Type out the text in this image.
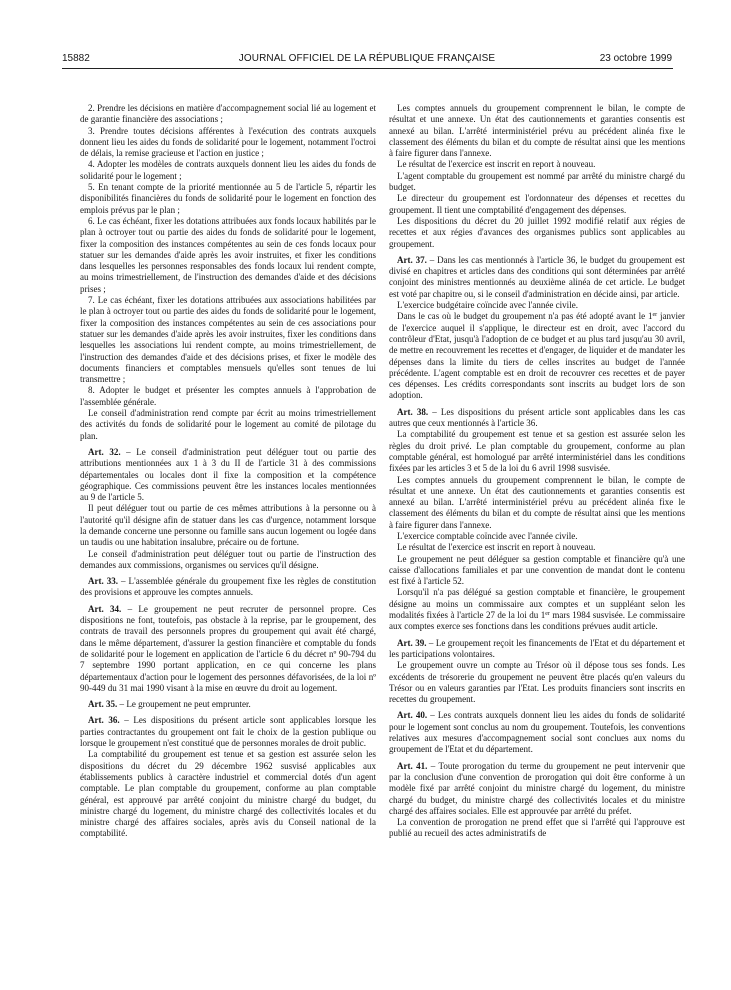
15882	JOURNAL OFFICIEL DE LA RÉPUBLIQUE FRANÇAISE	23 octobre 1999

2. Prendre les décisions en matière d'accompagnement social lié au logement et de garantie financière des associations ;

3. Prendre toutes décisions afférentes à l'exécution des contrats auxquels donnent lieu les aides du fonds de solidarité pour le logement, notamment l'octroi de délais, la remise gracieuse et l'action en justice ;

4. Adopter les modèles de contrats auxquels donnent lieu les aides du fonds de solidarité pour le logement ;

5. En tenant compte de la priorité mentionnée au 5 de l'article 5, répartir les disponibilités financières du fonds de solidarité pour le logement en fonction des emplois prévus par le plan ;

6. Le cas échéant, fixer les dotations attribuées aux fonds locaux habilités par le plan à octroyer tout ou partie des aides du fonds de solidarité pour le logement, fixer la composition des instances compétentes au sein de ces fonds locaux pour statuer sur les demandes d'aide après les avoir instruites, et fixer les conditions dans lesquelles les personnes responsables des fonds locaux lui rendent compte, au moins trimestriellement, de l'instruction des demandes d'aide et des décisions prises ;

7. Le cas échéant, fixer les dotations attribuées aux associations habilitées par le plan à octroyer tout ou partie des aides du fonds de solidarité pour le logement, fixer la composition des instances compétentes au sein de ces associations pour statuer sur les demandes d'aide après les avoir instruites, fixer les conditions dans lesquelles les associations lui rendent compte, au moins trimestriellement, de l'instruction des demandes d'aide et des décisions prises, et fixer le modèle des documents financiers et comptables mensuels qu'elles sont tenues de lui transmettre ;

8. Adopter le budget et présenter les comptes annuels à l'approbation de l'assemblée générale.

Le conseil d'administration rend compte par écrit au moins trimestriellement des activités du fonds de solidarité pour le logement au comité de pilotage du plan.

Art. 32. – Le conseil d'administration peut déléguer tout ou partie des attributions mentionnées aux 1 à 3 du II de l'article 31 à des commissions départementales ou locales dont il fixe la composition et la compétence géographique. Ces commissions peuvent être les instances locales mentionnées au 9 de l'article 5.

Il peut déléguer tout ou partie de ces mêmes attributions à la personne ou à l'autorité qu'il désigne afin de statuer dans les cas d'urgence, notamment lorsque la demande concerne une personne ou famille sans aucun logement ou logée dans un taudis ou une habitation insalubre, précaire ou de fortune.

Le conseil d'administration peut déléguer tout ou partie de l'instruction des demandes aux commissions, organismes ou services qu'il désigne.

Art. 33. – L'assemblée générale du groupement fixe les règles de constitution des provisions et approuve les comptes annuels.

Art. 34. – Le groupement ne peut recruter de personnel propre. Ces dispositions ne font, toutefois, pas obstacle à la reprise, par le groupement, des contrats de travail des personnels propres du groupement qui avait été chargé, dans le même département, d'assurer la gestion financière et comptable du fonds de solidarité pour le logement en application de l'article 6 du décret nº 90-794 du 7 septembre 1990 portant application, en ce qui concerne les plans départementaux d'action pour le logement des personnes défavorisées, de la loi nº 90-449 du 31 mai 1990 visant à la mise en œuvre du droit au logement.

Art. 35. – Le groupement ne peut emprunter.

Art. 36. – Les dispositions du présent article sont applicables lorsque les parties contractantes du groupement ont fait le choix de la gestion publique ou lorsque le groupement n'est constitué que de personnes morales de droit public.

La comptabilité du groupement est tenue et sa gestion est assurée selon les dispositions du décret du 29 décembre 1962 susvisé applicables aux établissements publics à caractère industriel et commercial dotés d'un agent comptable. Le plan comptable du groupement, conforme au plan comptable général, est approuvé par arrêté conjoint du ministre chargé du budget, du ministre chargé du logement, du ministre chargé des collectivités locales et du ministre chargé des affaires sociales, après avis du Conseil national de la comptabilité.

Les comptes annuels du groupement comprennent le bilan, le compte de résultat et une annexe. Un état des cautionnements et garanties consentis est annexé au bilan. L'arrêté interministériel prévu au précédent alinéa fixe le classement des éléments du bilan et du compte de résultat ainsi que les mentions à faire figurer dans l'annexe.

Le résultat de l'exercice est inscrit en report à nouveau.

L'agent comptable du groupement est nommé par arrêté du ministre chargé du budget.

Le directeur du groupement est l'ordonnateur des dépenses et recettes du groupement. Il tient une comptabilité d'engagement des dépenses.

Les dispositions du décret du 20 juillet 1992 modifié relatif aux régies de recettes et aux régies d'avances des organismes publics sont applicables au groupement.

Art. 37. – Dans les cas mentionnés à l'article 36, le budget du groupement est divisé en chapitres et articles dans des conditions qui sont déterminées par arrêté conjoint des ministres mentionnés au deuxième alinéa de cet article. Le budget est voté par chapitre ou, si le conseil d'administration en décide ainsi, par article.

L'exercice budgétaire coïncide avec l'année civile.

Dans le cas où le budget du groupement n'a pas été adopté avant le 1er janvier de l'exercice auquel il s'applique, le directeur est en droit, avec l'accord du contrôleur d'Etat, jusqu'à l'adoption de ce budget et au plus tard jusqu'au 30 avril, de mettre en recouvrement les recettes et d'engager, de liquider et de mandater les dépenses dans la limite du tiers de celles inscrites au budget de l'année précédente. L'agent comptable est en droit de recouvrer ces recettes et de payer ces dépenses. Les crédits correspondants sont inscrits au budget lors de son adoption.

Art. 38. – Les dispositions du présent article sont applicables dans les cas autres que ceux mentionnés à l'article 36.

La comptabilité du groupement est tenue et sa gestion est assurée selon les règles du droit privé. Le plan comptable du groupement, conforme au plan comptable général, est homologué par arrêté interministériel dans les conditions fixées par les articles 3 et 5 de la loi du 6 avril 1998 susvisée.

Les comptes annuels du groupement comprennent le bilan, le compte de résultat et une annexe. Un état des cautionnements et garanties consentis est annexé au bilan. L'arrêté interministériel prévu au précédent alinéa fixe le classement des éléments du bilan et du compte de résultat ainsi que les mentions à faire figurer dans l'annexe.

L'exercice comptable coïncide avec l'année civile.

Le résultat de l'exercice est inscrit en report à nouveau.

Le groupement ne peut déléguer sa gestion comptable et financière qu'à une caisse d'allocations familiales et par une convention de mandat dont le contenu est fixé à l'article 52.

Lorsqu'il n'a pas délégué sa gestion comptable et financière, le groupement désigne au moins un commissaire aux comptes et un suppléant selon les modalités fixées à l'article 27 de la loi du 1er mars 1984 susvisée. Le commissaire aux comptes exerce ses fonctions dans les conditions prévues audit article.

Art. 39. – Le groupement reçoit les financements de l'Etat et du département et les participations volontaires.

Le groupement ouvre un compte au Trésor où il dépose tous ses fonds. Les excédents de trésorerie du groupement ne peuvent être placés qu'en valeurs du Trésor ou en valeurs garanties par l'Etat. Les produits financiers sont inscrits en recettes du groupement.

Art. 40. – Les contrats auxquels donnent lieu les aides du fonds de solidarité pour le logement sont conclus au nom du groupement. Toutefois, les conventions relatives aux mesures d'accompagnement social sont conclues aux noms du groupement de l'Etat et du département.

Art. 41. – Toute prorogation du terme du groupement ne peut intervenir que par la conclusion d'une convention de prorogation qui doit être conforme à un modèle fixé par arrêté conjoint du ministre chargé du logement, du ministre chargé du budget, du ministre chargé des collectivités locales et du ministre chargé des affaires sociales. Elle est approuvée par arrêté du préfet.

La convention de prorogation ne prend effet que si l'arrêté qui l'approuve est publié au recueil des actes administratifs de
